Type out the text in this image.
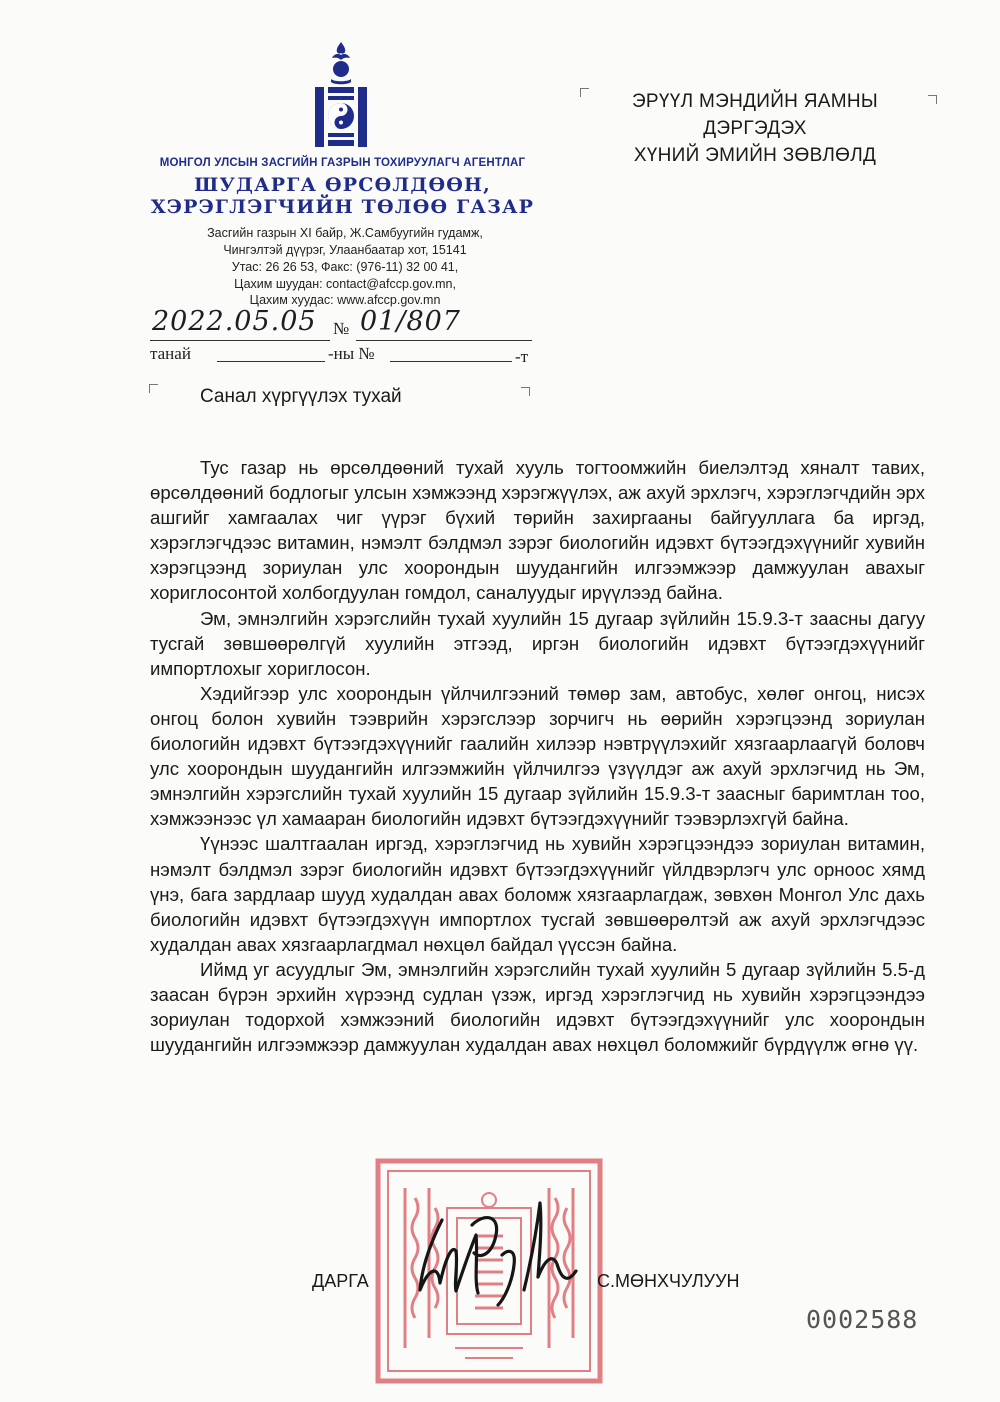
МОНГОЛ УЛСЫН ЗАСГИЙН ГАЗРЫН ТОХИРУУЛАГЧ АГЕНТЛАГ
ШУДАРГА ӨРСӨЛДӨӨН,
ХЭРЭГЛЭГЧИЙН ТӨЛӨӨ ГАЗАР
Засгийн газрын XI байр, Ж.Самбуугийн гудамж,
Чингэлтэй дүүрэг, Улаанбаатар хот, 15141
Утас: 26 26 53, Факс: (976-11) 32 00 41,
Цахим шуудан: contact@afccp.gov.mn,
Цахим хуудас: www.afccp.gov.mn
2022.05.05 № 01/807
танай	-ны №	-т
ЭРҮҮЛ МЭНДИЙН ЯАМНЫ
ДЭРГЭДЭХ
ХҮНИЙ ЭМИЙН ЗӨВЛӨЛД
Санал хүргүүлэх тухай

Тус газар нь өрсөлдөөний тухай хууль тогтоомжийн биелэлтэд хяналт тавих, өрсөлдөөний бодлогыг улсын хэмжээнд хэрэгжүүлэх, аж ахуй эрхлэгч, хэрэглэгчдийн эрх ашгийг хамгаалах чиг үүрэг бүхий төрийн захиргааны байгууллага ба иргэд, хэрэглэгчдээс витамин, нэмэлт бэлдмэл зэрэг биологийн идэвхт бүтээгдэхүүнийг хувийн хэрэгцээнд зориулан улс хоорондын шуудангийн илгээмжээр дамжуулан авахыг хориглосонтой холбогдуулан гомдол, саналуудыг ирүүлээд байна.

Эм, эмнэлгийн хэрэгслийн тухай хуулийн 15 дугаар зүйлийн 15.9.3-т заасны дагуу тусгай зөвшөөрөлгүй хуулийн этгээд, иргэн биологийн идэвхт бүтээгдэхүүнийг импортлохыг хориглосон.

Хэдийгээр улс хоорондын үйлчилгээний төмөр зам, автобус, хөлөг онгоц, нисэх онгоц болон хувийн тээврийн хэрэгслээр зорчигч нь өөрийн хэрэгцээнд зориулан биологийн идэвхт бүтээгдэхүүнийг гаалийн хилээр нэвтрүүлэхийг хязгаарлаагүй боловч улс хоорондын шуудангийн илгээмжийн үйлчилгээ үзүүлдэг аж ахуй эрхлэгчид нь Эм, эмнэлгийн хэрэгслийн тухай хуулийн 15 дугаар зүйлийн 15.9.3-т заасныг баримтлан тоо, хэмжээнээс үл хамааран биологийн идэвхт бүтээгдэхүүнийг тээвэрлэхгүй байна.

Үүнээс шалтгаалан иргэд, хэрэглэгчид нь хувийн хэрэгцээндээ зориулан витамин, нэмэлт бэлдмэл зэрэг биологийн идэвхт бүтээгдэхүүнийг үйлдвэрлэгч улс орноос хямд үнэ, бага зардлаар шууд худалдан авах боломж хязгаарлагдаж, зөвхөн Монгол Улс дахь биологийн идэвхт бүтээгдэхүүн импортлох тусгай зөвшөөрөлтэй аж ахуй эрхлэгчдээс худалдан авах хязгаарлагдмал нөхцөл байдал үүссэн байна.

Иймд уг асуудлыг Эм, эмнэлгийн хэрэгслийн тухай хуулийн 5 дугаар зүйлийн 5.5-д заасан бүрэн эрхийн хүрээнд судлан үзэж, иргэд хэрэглэгчид нь хувийн хэрэгцээндээ зориулан тодорхой хэмжээний биологийн идэвхт бүтээгдэхүүнийг улс хоорондын шуудангийн илгээмжээр дамжуулан худалдан авах нөхцөл боломжийг бүрдүүлж өгнө үү.

ДАРГА	С.МӨНХЧУЛУУН
0002588
